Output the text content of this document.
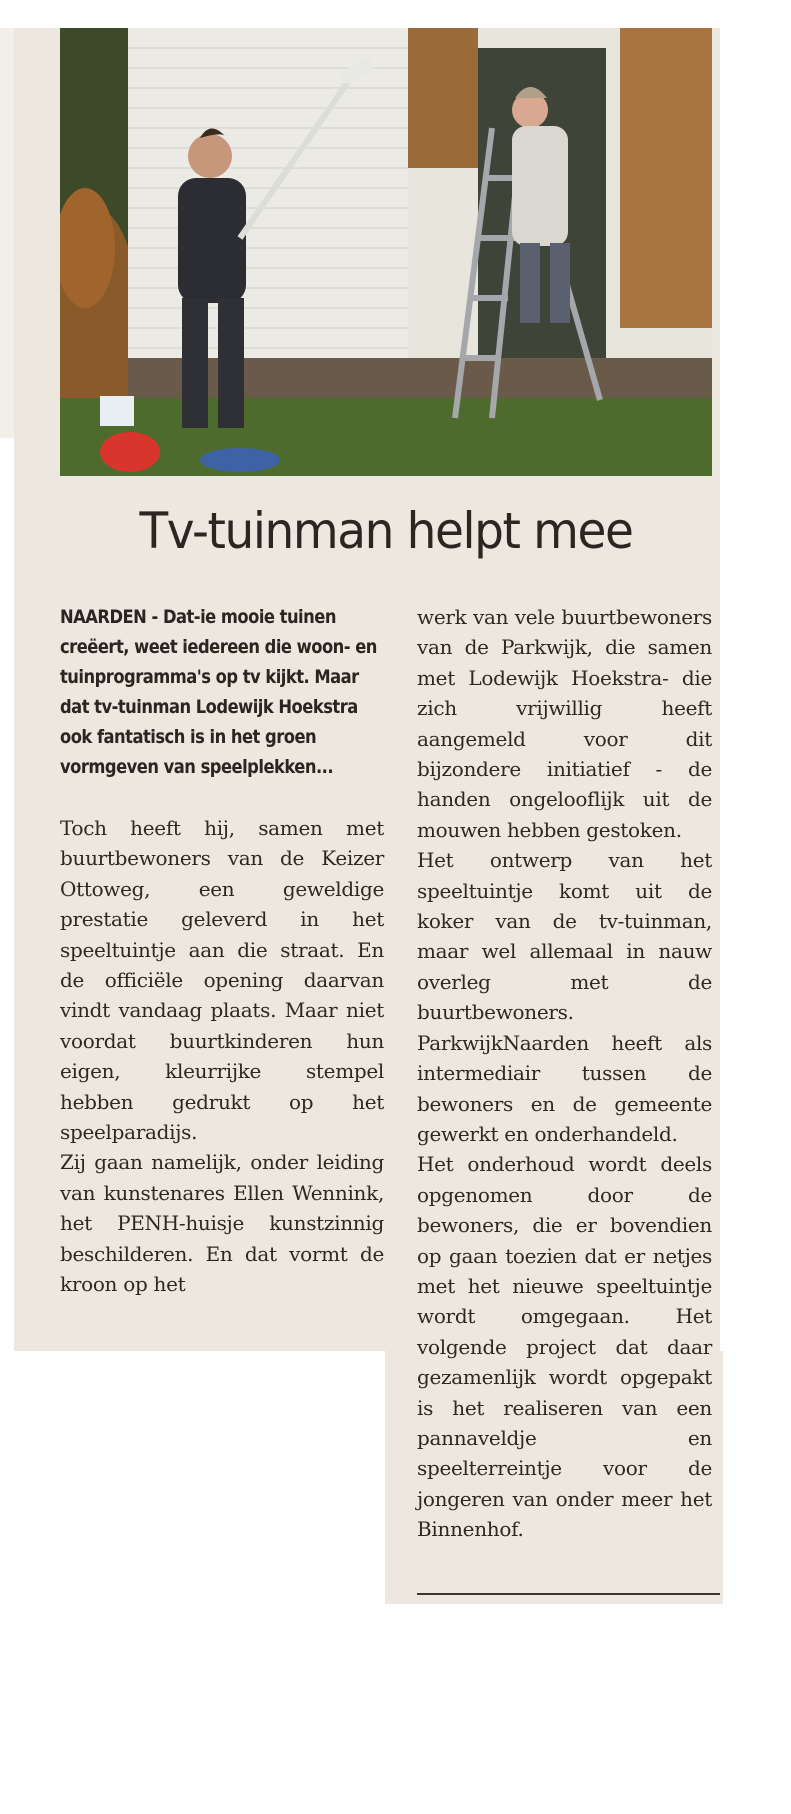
Tv-tuinman helpt mee

NAARDEN - Dat-ie mooie tuinen creëert, weet iedereen die woon- en tuinprogramma's op tv kijkt. Maar dat tv-tuinman Lodewijk Hoekstra ook fantatisch is in het groen vormgeven van speelplekken...

Toch heeft hij, samen met buurtbewoners van de Keizer Ottoweg, een geweldige prestatie geleverd in het speeltuintje aan die straat. En de officiële opening daarvan vindt vandaag plaats. Maar niet voordat buurtkinderen hun eigen, kleurrijke stempel hebben gedrukt op het speelparadijs.

Zij gaan namelijk, onder leiding van kunstenares Ellen Wennink, het PENH-huisje kunstzinnig beschilderen. En dat vormt de kroon op het

werk van vele buurtbewoners van de Parkwijk, die samen met Lodewijk Hoekstra- die zich vrijwillig heeft aangemeld voor dit bijzondere initiatief - de handen ongelooflijk uit de mouwen hebben gestoken.

Het ontwerp van het speeltuintje komt uit de koker van de tv-tuinman, maar wel allemaal in nauw overleg met de buurtbewoners. ParkwijkNaarden heeft als intermediair tussen de bewoners en de gemeente gewerkt en onderhandeld.

Het onderhoud wordt deels opgenomen door de bewoners, die er bovendien op gaan toezien dat er netjes met het nieuwe speeltuintje wordt omgegaan. Het volgende project dat daar gezamenlijk wordt opgepakt is het realiseren van een pannaveldje en speelterreintje voor de jongeren van onder meer het Binnenhof.
